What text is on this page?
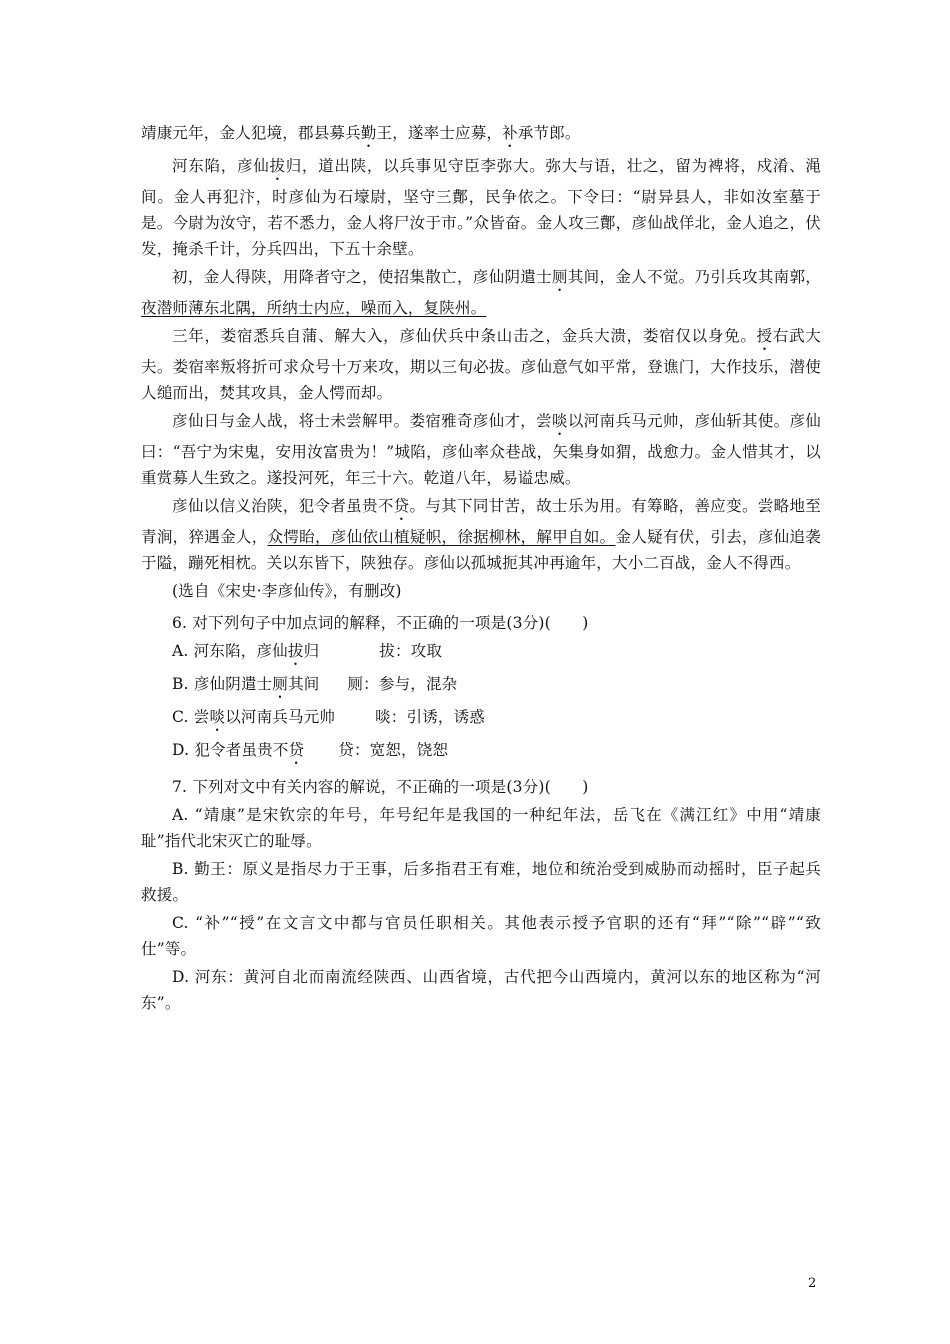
靖康元年，金人犯境，郡县募兵勤王，遂率士应募，补承节郎。

河东陷，彦仙拔归，道出陕，以兵事见守臣李弥大。弥大与语，壮之，留为裨将，戍淆、渑间。金人再犯汴，时彦仙为石壕尉，坚守三鄪，民争依之。下令曰：“尉异县人，非如汝室墓于是。今尉为汝守，若不悉力，金人将尸汝于市。”众皆奋。金人攻三鄪，彦仙战佯北，金人追之，伏发，掩杀千计，分兵四出，下五十余壁。

初，金人得陕，用降者守之，使招集散亡，彦仙阴遣士厕其间，金人不觉。乃引兵攻其南郭，夜潜师薄东北隅，所纳士内应，噪而入，复陕州。

三年，娄宿悉兵自蒲、解大入，彦仙伏兵中条山击之，金兵大溃，娄宿仅以身免。授右武大夫。娄宿率叛将折可求众号十万来攻，期以三旬必拔。彦仙意气如平常，登谯门，大作技乐，潜使人缒而出，焚其攻具，金人愕而却。

彦仙日与金人战，将士未尝解甲。娄宿雅奇彦仙才，尝啖以河南兵马元帅，彦仙斩其使。彦仙曰：“吾宁为宋鬼，安用汝富贵为！”城陷，彦仙率众巷战，矢集身如猬，战愈力。金人惜其才，以重赏募人生致之。遂投河死，年三十六。乾道八年，易谥忠威。

彦仙以信义治陕，犯令者虽贵不贷。与其下同甘苦，故士乐为用。有筹略，善应变。尝略地至青涧，猝遇金人，众愕眙，彦仙依山植疑帜，徐据柳林，解甲自如。金人疑有伏，引去，彦仙追袭于隘，蹦死相枕。关以东皆下，陕独存。彦仙以孤城扼其冲再逾年，大小二百战，金人不得西。

(选自《宋史·李彦仙传》，有删改)

6. 对下列句子中加点词的解释，不正确的一项是(3分)(　　)

A. 河东陷，彦仙拔归	拔：攻取

B. 彦仙阴遣士厕其间 厕：参与，混杂

C. 尝啖以河南兵马元帅	啖：引诱，诱惑

D. 犯令者虽贵不贷 贷：宽恕，饶恕

7. 下列对文中有关内容的解说，不正确的一项是(3分)(　　)

A. “靖康”是宋钦宗的年号，年号纪年是我国的一种纪年法，岳飞在《满江红》中用“靖康耻”指代北宋灭亡的耻辱。

B. 勤王：原义是指尽力于王事，后多指君王有难，地位和统治受到威胁而动摇时，臣子起兵救援。

C. “补”“授”在文言文中都与官员任职相关。其他表示授予官职的还有“拜”“除”“辟”“致仕”等。

D. 河东：黄河自北而南流经陕西、山西省境，古代把今山西境内，黄河以东的地区称为“河东”。

2
